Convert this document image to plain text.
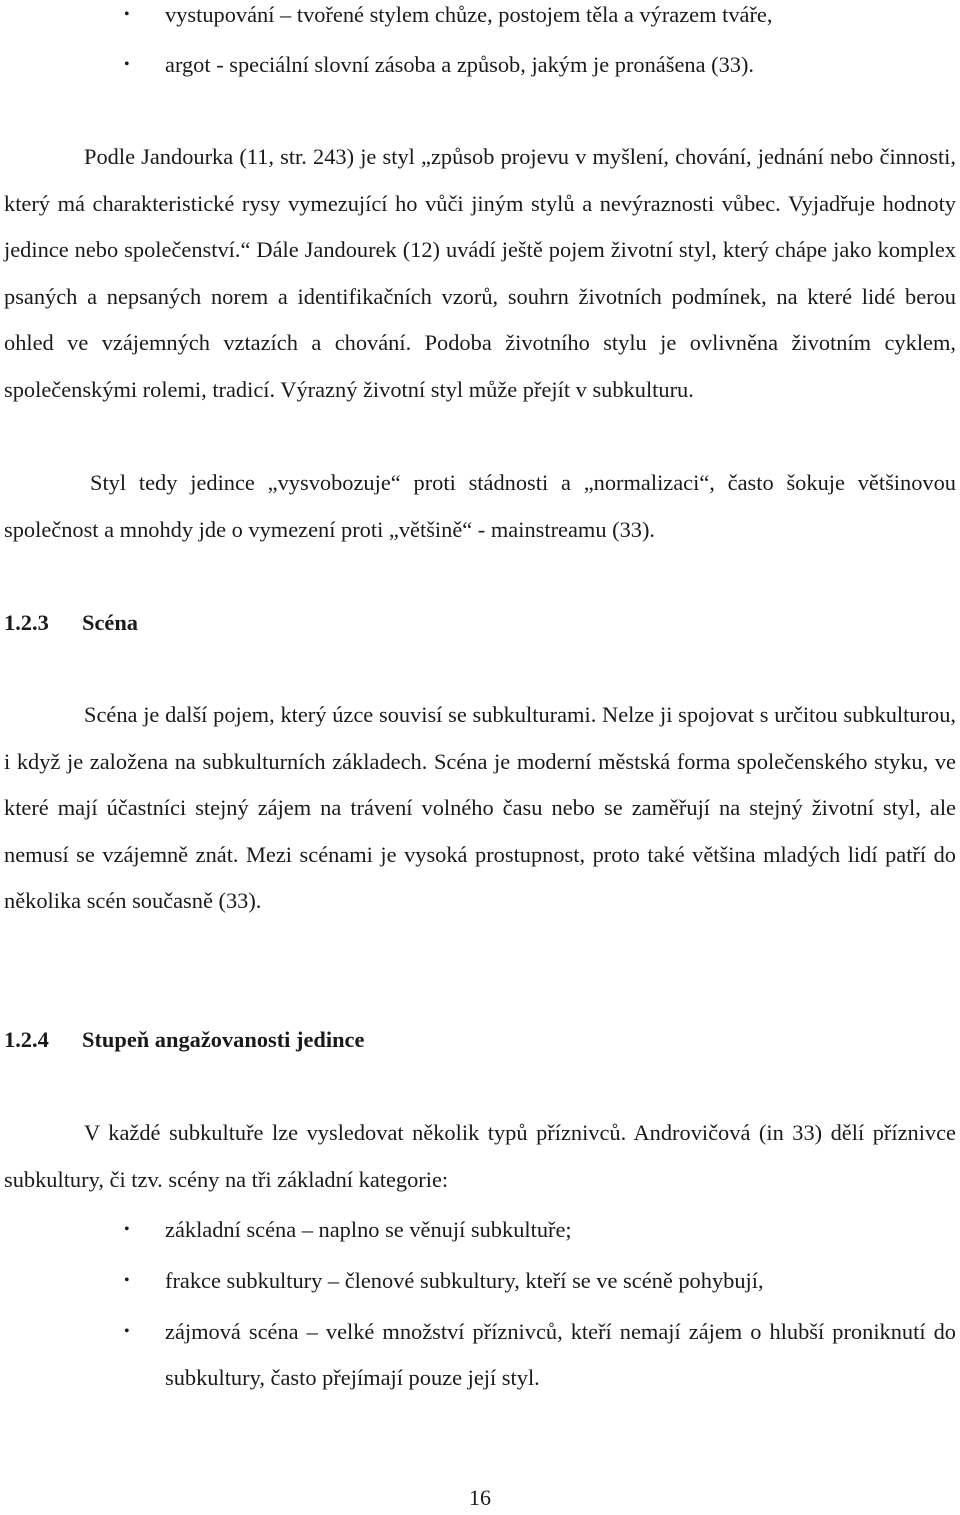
• vystupování – tvořené stylem chůze, postojem těla a výrazem tváře,
• argot - speciální slovní zásoba a způsob, jakým je pronášena (33).

Podle Jandourka (11, str. 243) je styl „způsob projevu v myšlení, chování, jednání nebo činnosti, který má charakteristické rysy vymezující ho vůči jiným stylů a nevýraznosti vůbec. Vyjadřuje hodnoty jedince nebo společenství.“ Dále Jandourek (12) uvádí ještě pojem životní styl, který chápe jako komplex psaných a nepsaných norem a identifikačních vzorů, souhrn životních podmínek, na které lidé berou ohled ve vzájemných vztazích a chování. Podoba životního stylu je ovlivněna životním cyklem, společenskými rolemi, tradicí. Výrazný životní styl může přejít v subkulturu.

Styl tedy jedince „vysvobozuje“ proti stádnosti a „normalizaci“, často šokuje většinovou společnost a mnohdy jde o vymezení proti „většině“ - mainstreamu (33).

1.2.3	Scéna

Scéna je další pojem, který úzce souvisí se subkulturami. Nelze ji spojovat s určitou subkulturou, i když je založena na subkulturních základech. Scéna je moderní městská forma společenského styku, ve které mají účastníci stejný zájem na trávení volného času nebo se zaměřují na stejný životní styl, ale nemusí se vzájemně znát. Mezi scénami je vysoká prostupnost, proto také většina mladých lidí patří do několika scén současně (33).

1.2.4	Stupeň angažovanosti jedince

V každé subkultuře lze vysledovat několik typů příznivců. Androvičová (in 33) dělí příznivce subkultury, či tzv. scény na tři základní kategorie:

• základní scéna – naplno se věnují subkultuře;
• frakce subkultury – členové subkultury, kteří se ve scéně pohybují,
• zájmová scéna – velké množství příznivců, kteří nemají zájem o hlubší proniknutí do subkultury, často přejímají pouze její styl.
16
